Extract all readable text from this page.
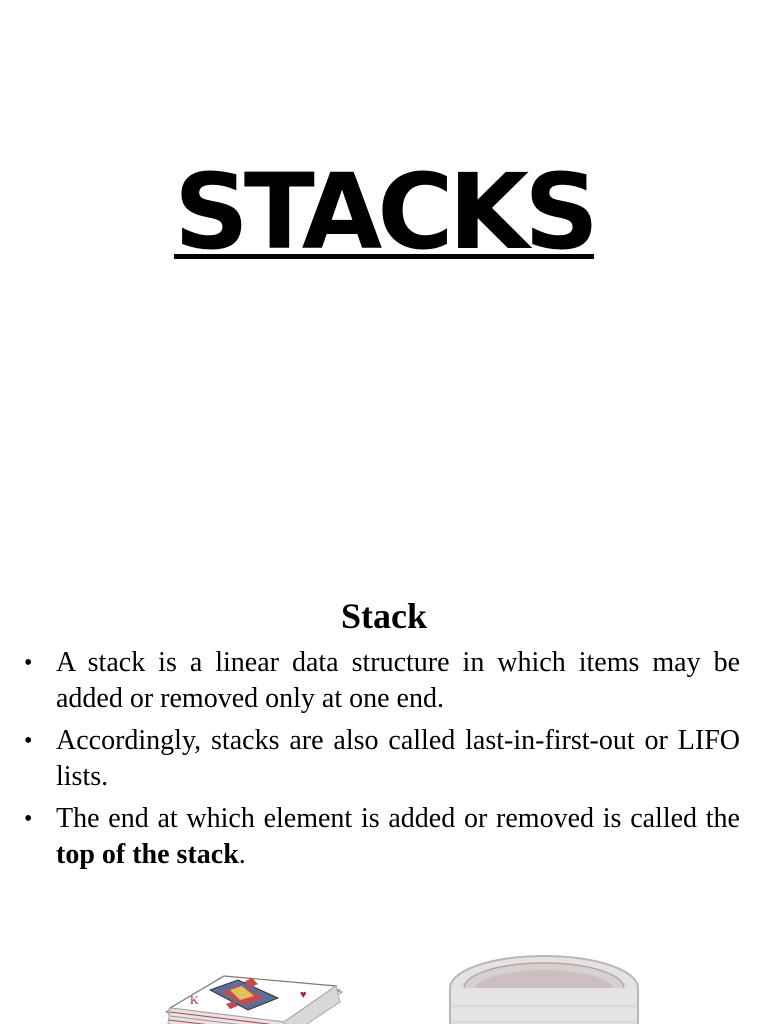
STACKS
Stack
• A stack is a linear data structure in which items may be added or removed only at one end.
• Accordingly, stacks are also called last-in-first-out or LIFO lists.
• The end at which element is added or removed is called the top of the stack.
K	♥
